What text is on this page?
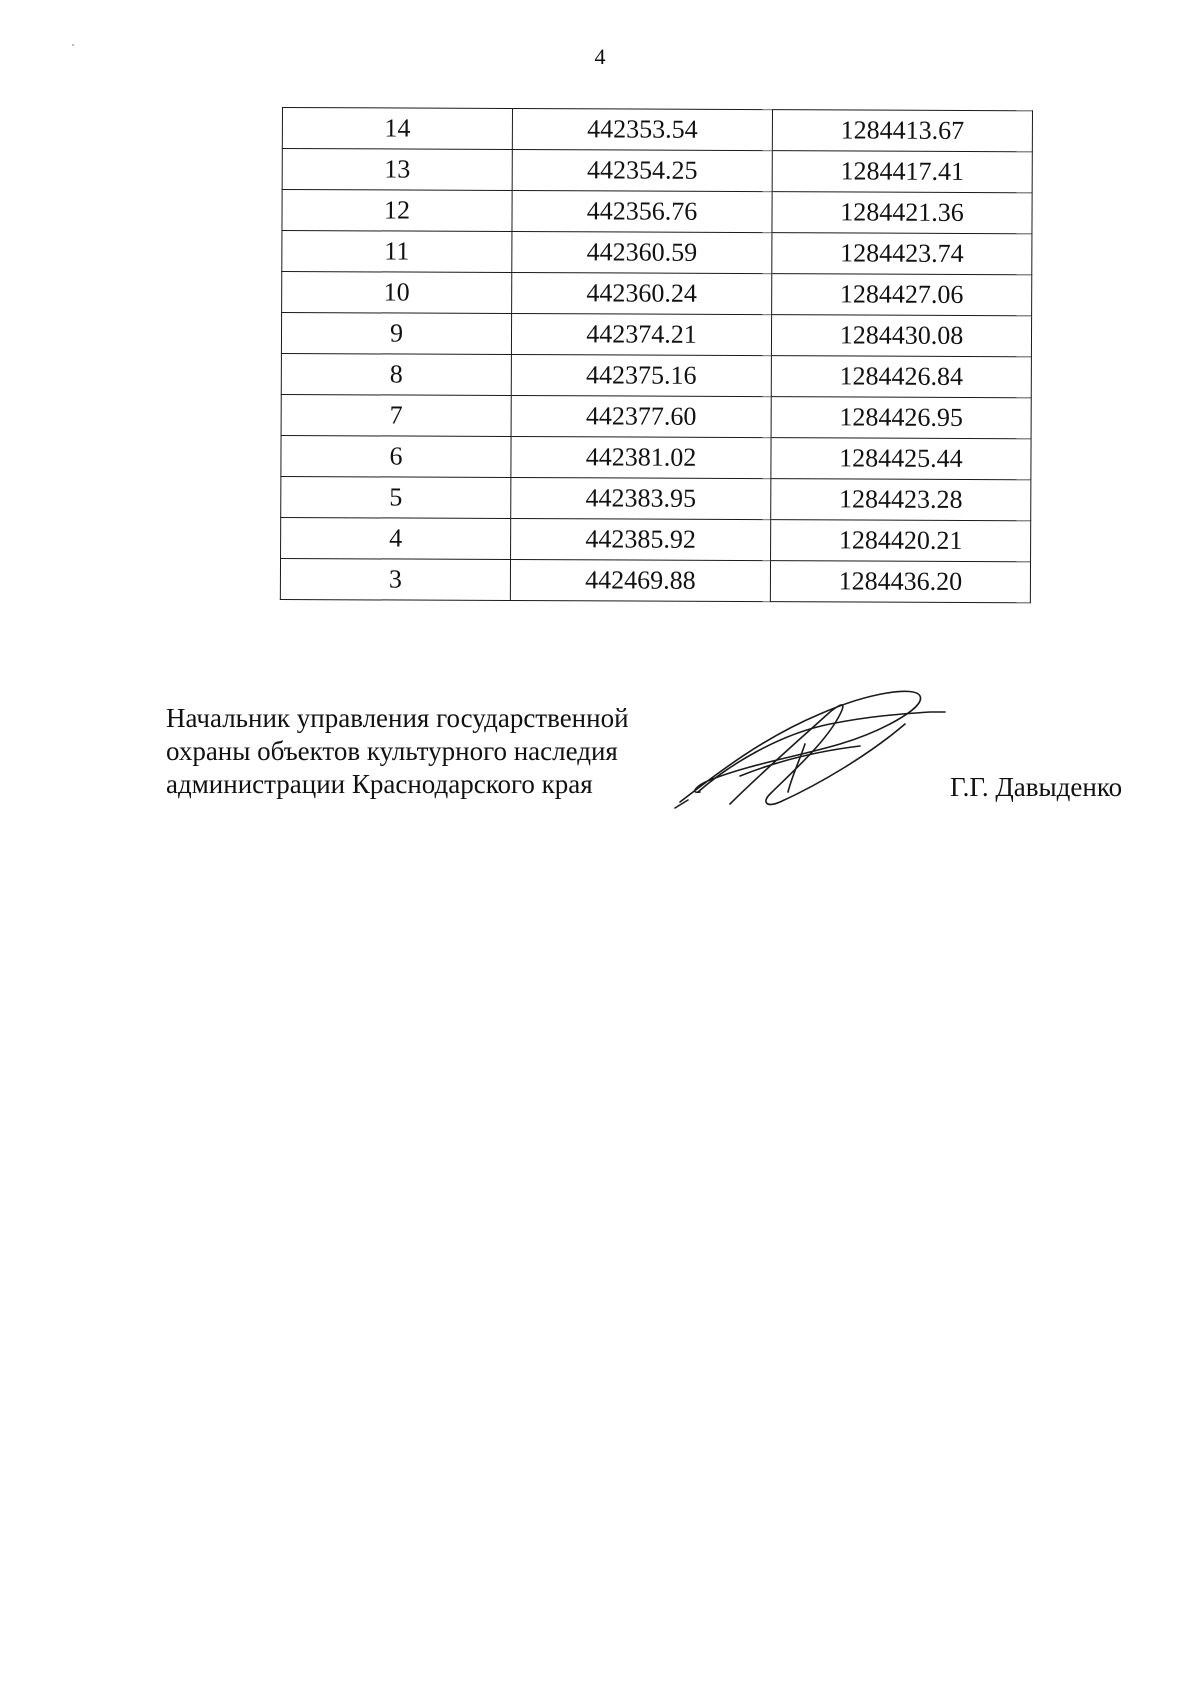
4
14	442353.54	1284413.67
13	442354.25	1284417.41
12	442356.76	1284421.36
11	442360.59	1284423.74
10	442360.24	1284427.06
9	442374.21	1284430.08
8	442375.16	1284426.84
7	442377.60	1284426.95
6	442381.02	1284425.44
5	442383.95	1284423.28
4	442385.92	1284420.21
3	442469.88	1284436.20
Начальник управления государственной
охраны объектов культурного наследия
администрации Краснодарского края	Г.Г. Давыденко
